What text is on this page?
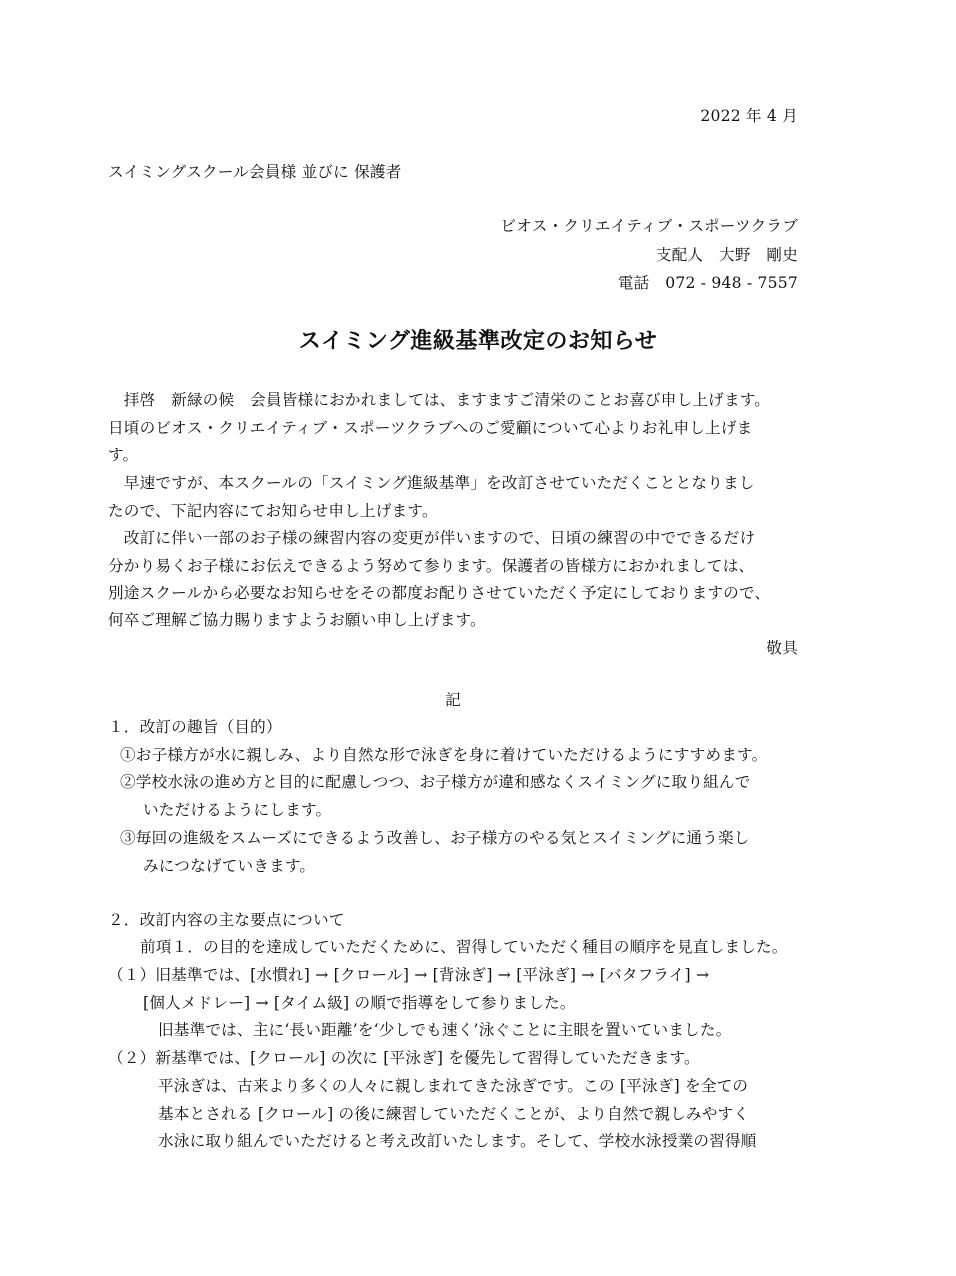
2022 年 4 月
スイミングスクール会員様 並びに 保護者
ビオス・クリエイティブ・スポーツクラブ
支配人　大野　剛史
電話　072 - 948 - 7557
スイミング進級基準改定のお知らせ
　拝啓　新緑の候　会員皆様におかれましては、ますますご清栄のことお喜び申し上げます。
日頃のビオス・クリエイティブ・スポーツクラブへのご愛顧について心よりお礼申し上げま
す。
　早速ですが、本スクールの「スイミング進級基準」を改訂させていただくこととなりまし
たので、下記内容にてお知らせ申し上げます。
　改訂に伴い一部のお子様の練習内容の変更が伴いますので、日頃の練習の中でできるだけ
分かり易くお子様にお伝えできるよう努めて参ります。保護者の皆様方におかれましては、
別途スクールから必要なお知らせをその都度お配りさせていただく予定にしておりますので、
何卒ご理解ご協力賜りますようお願い申し上げます。
敬具
記
１．改訂の趣旨（目的）
①お子様方が水に親しみ、より自然な形で泳ぎを身に着けていただけるようにすすめます。
②学校水泳の進め方と目的に配慮しつつ、お子様方が違和感なくスイミングに取り組んで
いただけるようにします。
③毎回の進級をスムーズにできるよう改善し、お子様方のやる気とスイミングに通う楽し
みにつなげていきます。
２．改訂内容の主な要点について
前項１．の目的を達成していただくために、習得していただく種目の順序を見直しました。
（１）旧基準では、[水慣れ] → [クロール] → [背泳ぎ] → [平泳ぎ] → [バタフライ] →
[個人メドレー] → [タイム級] の順で指導をして参りました。
旧基準では、主に‘長い距離’を‘少しでも速く’泳ぐことに主眼を置いていました。
（２）新基準では、[クロール] の次に [平泳ぎ] を優先して習得していただきます。
平泳ぎは、古来より多くの人々に親しまれてきた泳ぎです。この [平泳ぎ] を全ての
基本とされる [クロール] の後に練習していただくことが、より自然で親しみやすく
水泳に取り組んでいただけると考え改訂いたします。そして、学校水泳授業の習得順
